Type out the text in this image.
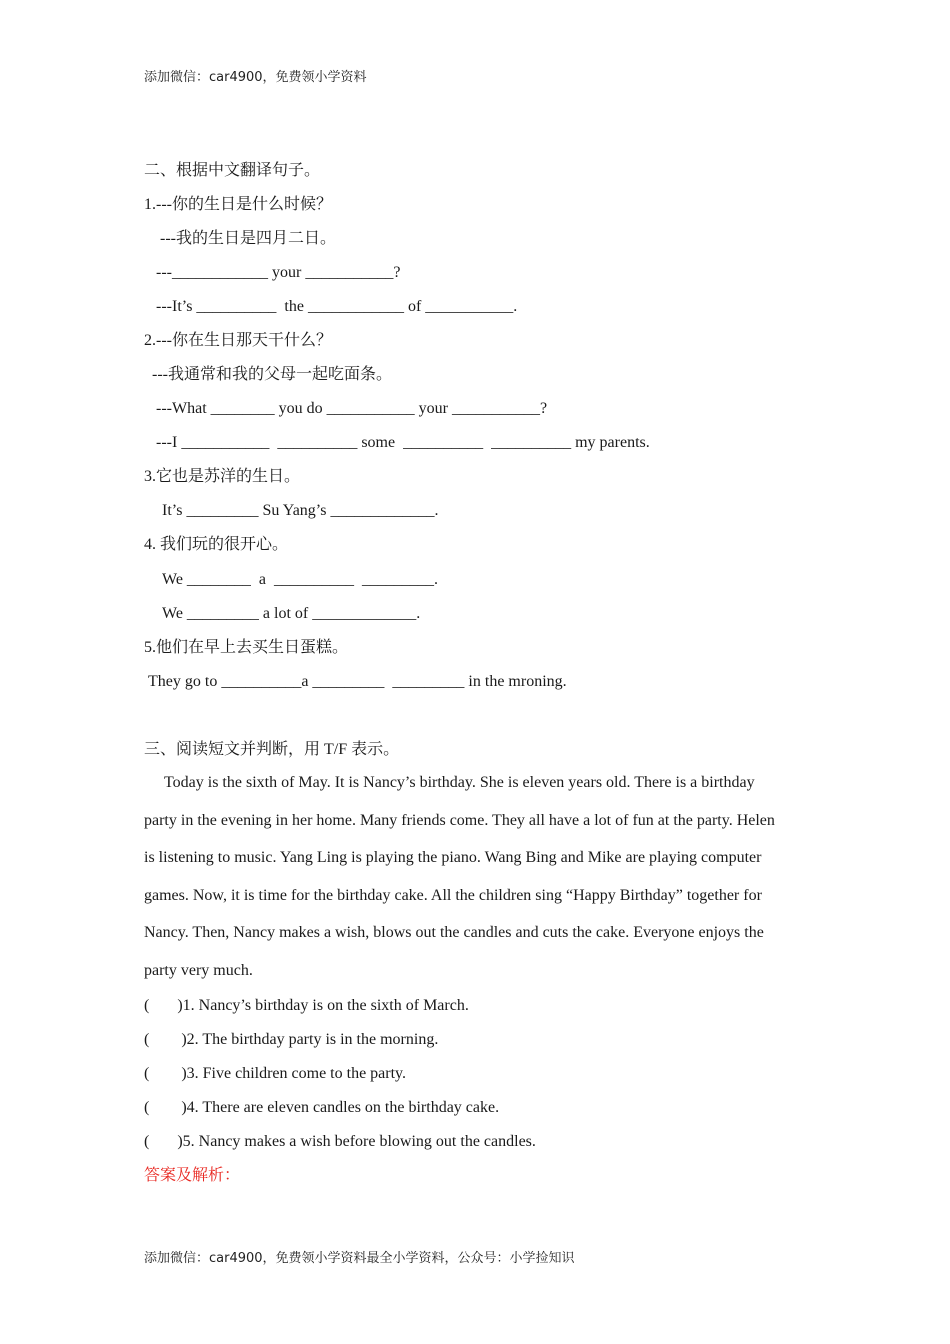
添加微信：car4900，免费领小学资料
二、根据中文翻译句子。
1.---你的生日是什么时候？
---我的生日是四月二日。
---____________ your ___________?
---It’s __________  the ____________ of ___________.
2.---你在生日那天干什么？
---我通常和我的父母一起吃面条。
---What ________ you do ___________ your ___________?
---I ___________  __________ some  __________  __________ my parents.
3.它也是苏洋的生日。
It’s _________ Su Yang’s _____________.
4. 我们玩的很开心。
We ________  a  __________  _________.
We _________ a lot of _____________.
5.他们在早上去买生日蛋糕。
They go to __________a _________  _________ in the mroning.
三、阅读短文并判断，用 T/F 表示。
Today is the sixth of May. It is Nancy’s birthday. She is eleven years old. There is a birthday
party in the evening in her home. Many friends come. They all have a lot of fun at the party. Helen
is listening to music. Yang Ling is playing the piano. Wang Bing and Mike are playing computer
games. Now, it is time for the birthday cake. All the children sing “Happy Birthday” together for
Nancy. Then, Nancy makes a wish, blows out the candles and cuts the cake. Everyone enjoys the
party very much.
(       )1. Nancy’s birthday is on the sixth of March.
(        )2. The birthday party is in the morning.
(        )3. Five children come to the party.
(        )4. There are eleven candles on the birthday cake.
(       )5. Nancy makes a wish before blowing out the candles.
答案及解析：
添加微信：car4900，免费领小学资料最全小学资料，公众号：小学捡知识
